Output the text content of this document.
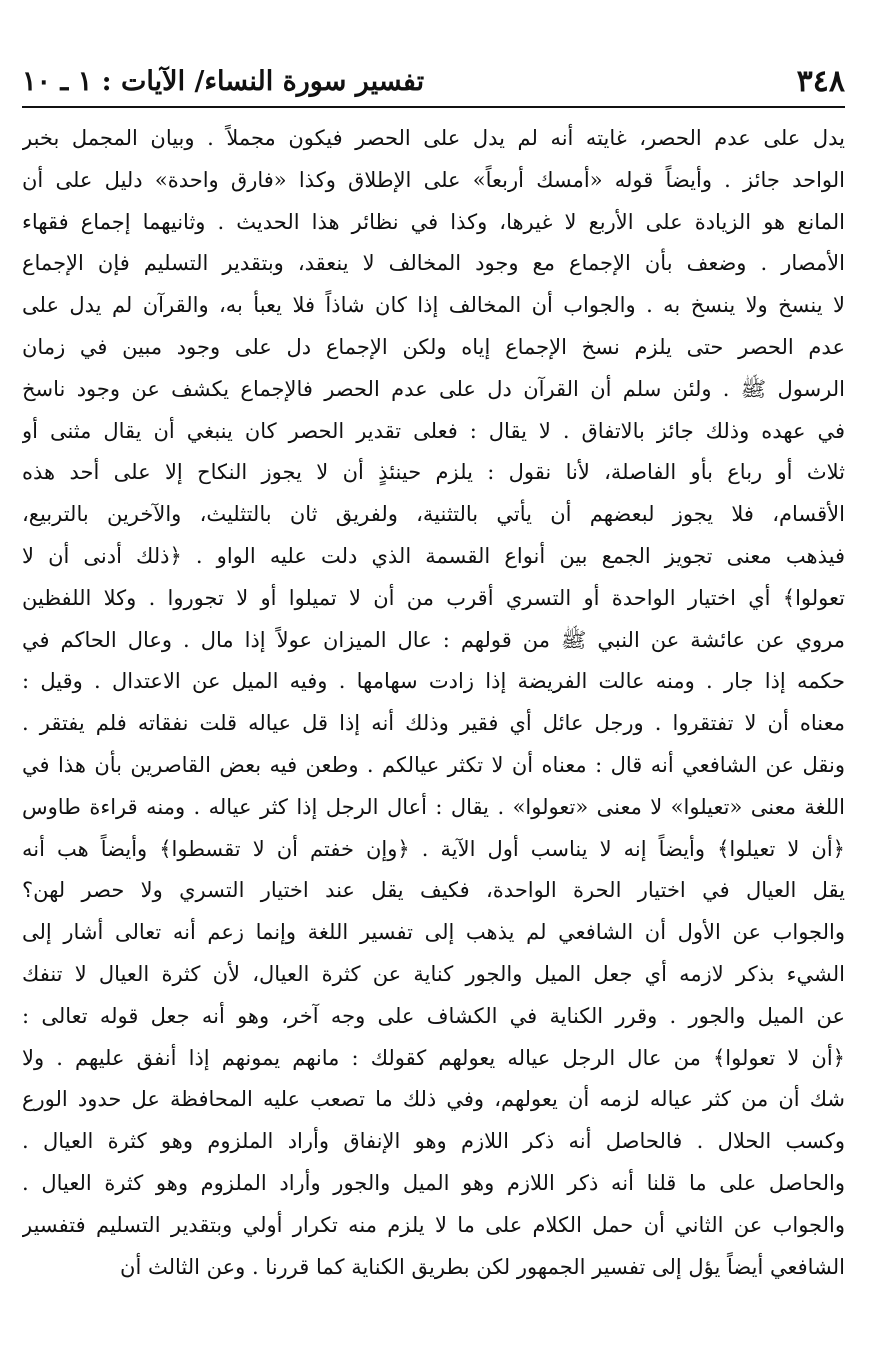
٣٤٨
تفسير سورة النساء/ الآيات : ١ ـ ١٠
يدل على عدم الحصر، غايته أنه لم يدل على الحصر فيكون مجملاً . وبيان المجمل بخبر
الواحد جائز . وأيضاً قوله «أمسك أربعاً» على الإطلاق وكذا «فارق واحدة» دليل على أن
المانع هو الزيادة على الأربع لا غيرها، وكذا في نظائر هذا الحديث . وثانيهما إجماع فقهاء
الأمصار . وضعف بأن الإجماع مع وجود المخالف لا ينعقد، وبتقدير التسليم فإن الإجماع
لا ينسخ ولا ينسخ به . والجواب أن المخالف إذا كان شاذاً فلا يعبأ به، والقرآن لم يدل على
عدم الحصر حتى يلزم نسخ الإجماع إياه ولكن الإجماع دل على وجود مبين في زمان
الرسول ﷺ . ولئن سلم أن القرآن دل على عدم الحصر فالإجماع يكشف عن وجود ناسخ
في عهده وذلك جائز بالاتفاق . لا يقال : فعلى تقدير الحصر كان ينبغي أن يقال مثنى أو
ثلاث أو رباع بأو الفاصلة، لأنا نقول : يلزم حينئذٍ أن لا يجوز النكاح إلا على أحد هذه
الأقسام، فلا يجوز لبعضهم أن يأتي بالتثنية، ولفريق ثان بالتثليث، والآخرين بالتربيع،
فيذهب معنى تجويز الجمع بين أنواع القسمة الذي دلت عليه الواو . ﴿ذلك أدنى أن لا
تعولوا﴾ أي اختيار الواحدة أو التسري أقرب من أن لا تميلوا أو لا تجوروا . وكلا اللفظين
مروي عن عائشة عن النبي ﷺ من قولهم : عال الميزان عولاً إذا مال . وعال الحاكم في
حكمه إذا جار . ومنه عالت الفريضة إذا زادت سهامها . وفيه الميل عن الاعتدال . وقيل :
معناه أن لا تفتقروا . ورجل عائل أي فقير وذلك أنه إذا قل عياله قلت نفقاته فلم يفتقر .
ونقل عن الشافعي أنه قال : معناه أن لا تكثر عيالكم . وطعن فيه بعض القاصرين بأن هذا في
اللغة معنى «تعيلوا» لا معنى «تعولوا» . يقال : أعال الرجل إذا كثر عياله . ومنه قراءة طاوس
﴿أن لا تعيلوا﴾ وأيضاً إنه لا يناسب أول الآية . ﴿وإن خفتم أن لا تقسطوا﴾ وأيضاً هب أنه
يقل العيال في اختيار الحرة الواحدة، فكيف يقل عند اختيار التسري ولا حصر لهن؟
والجواب عن الأول أن الشافعي لم يذهب إلى تفسير اللغة وإنما زعم أنه تعالى أشار إلى
الشيء بذكر لازمه أي جعل الميل والجور كناية عن كثرة العيال، لأن كثرة العيال لا تنفك
عن الميل والجور . وقرر الكناية في الكشاف على وجه آخر، وهو أنه جعل قوله تعالى :
﴿أن لا تعولوا﴾ من عال الرجل عياله يعولهم كقولك : مانهم يمونهم إذا أنفق عليهم . ولا
شك أن من كثر عياله لزمه أن يعولهم، وفي ذلك ما تصعب عليه المحافظة عل حدود الورع
وكسب الحلال . فالحاصل أنه ذكر اللازم وهو الإنفاق وأراد الملزوم وهو كثرة العيال .
والحاصل على ما قلنا أنه ذكر اللازم وهو الميل والجور وأراد الملزوم وهو كثرة العيال .
والجواب عن الثاني أن حمل الكلام على ما لا يلزم منه تكرار أولي وبتقدير التسليم فتفسير
الشافعي أيضاً يؤل إلى تفسير الجمهور لكن بطريق الكناية كما قررنا . وعن الثالث أن
